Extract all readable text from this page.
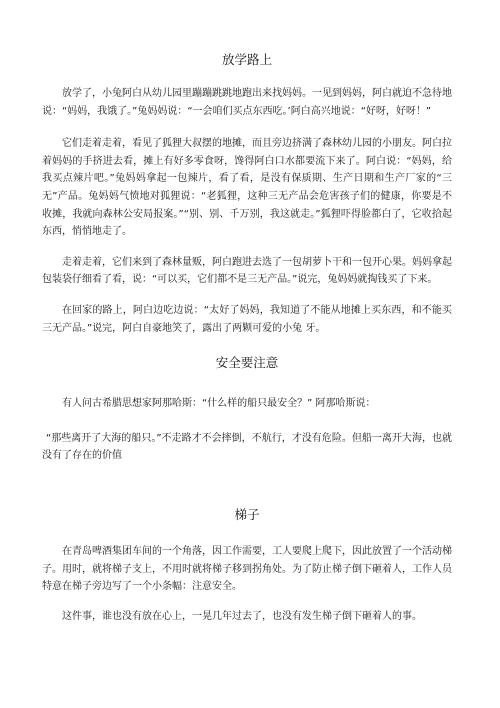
放学路上

放学了，小兔阿白从幼儿园里蹦蹦跳跳地跑出来找妈妈。一见到妈妈，阿白就迫不急待地说：“妈妈，我饿了。”兔妈妈说：“一会咱们买点东西吃。’阿白高兴地说：“好呀，好呀！”

它们走着走着，看见了狐狸大叔摆的地摊，而且旁边挤满了森林幼儿园的小朋友。阿白拉着妈妈的手挤进去看，摊上有好多零食呀，馋得阿白口水都要流下来了。阿白说：“妈妈，给我买点辣片吧。”兔妈妈拿起一包辣片，看了看，是没有保质期、生产日期和生产厂家的“三无”产品。兔妈妈气愤地对狐狸说：“老狐狸，这种三无产品会危害孩子们的健康，你要是不收摊，我就向森林公安局报案。”“别、别、千万别，我这就走。”狐狸吓得脸都白了，它收拾起东西，悄悄地走了。

走着走着，它们来到了森林量贩，阿白跑进去选了一包胡萝卜干和一包开心果。妈妈拿起包装袋仔细看了看，说：“可以买，它们都不是三无产品。”说完，兔妈妈就掏钱买了下来。

在回家的路上，阿白边吃边说：“太好了妈妈，我知道了不能从地摊上买东西，和不能买三无产品。”说完，阿白自豪地笑了，露出了两颗可爱的小兔 牙。

安全要注意

有人问古希腊思想家阿那哈斯：“什么样的船只最安全？” 阿那哈斯说：

“那些离开了大海的船只。”不走路才不会摔倒，不航行，才没有危险。但船一离开大海，也就没有了存在的价值

梯子

在青岛啤酒集团车间的一个角落，因工作需要，工人要爬上爬下，因此放置了一个活动梯子。用时，就将梯子支上，不用时就将梯子移到拐角处。为了防止梯子倒下砸着人，工作人员特意在梯子旁边写了一个小条幅：注意安全。

这件事，谁也没有放在心上，一晃几年过去了，也没有发生梯子倒下砸着人的事。
